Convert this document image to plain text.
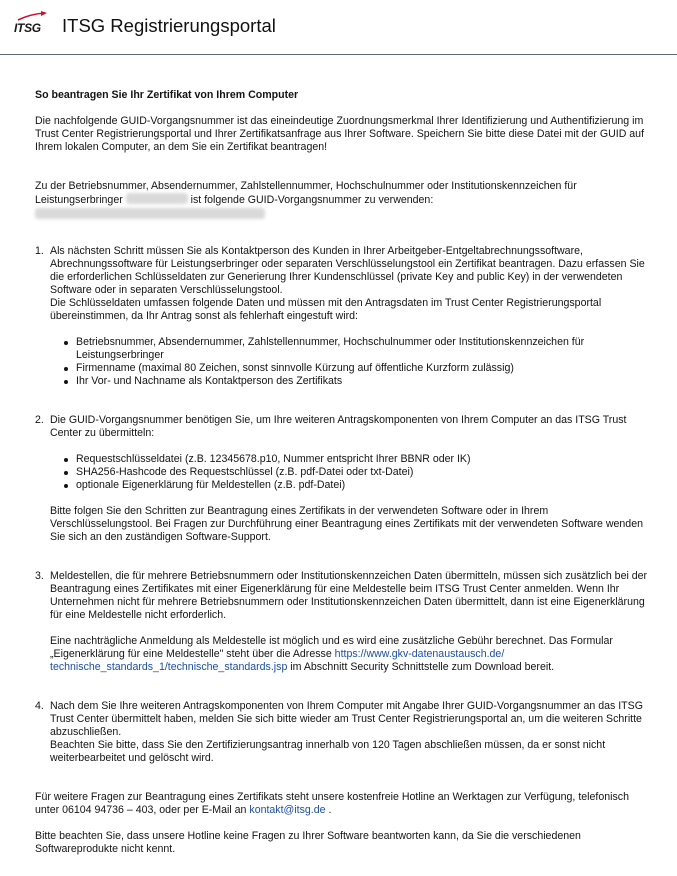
ITSG ITSG Registrierungsportal

So beantragen Sie Ihr Zertifikat von Ihrem Computer

Die nachfolgende GUID-Vorgangsnummer ist das eineindeutige Zuordnungsmerkmal Ihrer Identifizierung und Authentifizierung im Trust Center Registrierungsportal und Ihrer Zertifikatsanfrage aus Ihrer Software. Speichern Sie bitte diese Datei mit der GUID auf Ihrem lokalen Computer, an dem Sie ein Zertifikat beantragen!

Zu der Betriebsnummer, Absendernummer, Zahlstellennummer, Hochschulnummer oder Institutionskennzeichen für Leistungserbringer	ist folgende GUID-Vorgangsnummer zu verwenden:

1. Als nächsten Schritt müssen Sie als Kontaktperson des Kunden in Ihrer Arbeitgeber-Entgeltabrechnungssoftware, Abrechnungssoftware für Leistungserbringer oder separaten Verschlüsselungstool ein Zertifikat beantragen. Dazu erfassen Sie die erforderlichen Schlüsseldaten zur Generierung Ihrer Kundenschlüssel (private Key and public Key) in der verwendeten Software oder in separaten Verschlüsselungstool.

Die Schlüsseldaten umfassen folgende Daten und müssen mit den Antragsdaten im Trust Center Registrierungsportal übereinstimmen, da Ihr Antrag sonst als fehlerhaft eingestuft wird:

Betriebsnummer, Absendernummer, Zahlstellennummer, Hochschulnummer oder Institutionskennzeichen für Leistungserbringer
Firmenname (maximal 80 Zeichen, sonst sinnvolle Kürzung auf öffentliche Kurzform zulässig)
Ihr Vor- und Nachname als Kontaktperson des Zertifikats
2. Die GUID-Vorgangsnummer benötigen Sie, um Ihre weiteren Antragskomponenten von Ihrem Computer an das ITSG Trust Center zu übermitteln:

Requestschlüsseldatei (z.B. 12345678.p10, Nummer entspricht Ihrer BBNR oder IK)
SHA256-Hashcode des Requestschlüssel (z.B. pdf-Datei oder txt-Datei)
optionale Eigenerklärung für Meldestellen (z.B. pdf-Datei)

Bitte folgen Sie den Schritten zur Beantragung eines Zertifikats in der verwendeten Software oder in Ihrem Verschlüsselungstool. Bei Fragen zur Durchführung einer Beantragung eines Zertifikats mit der verwendeten Software wenden Sie sich an den zuständigen Software-Support.

3. Meldestellen, die für mehrere Betriebsnummern oder Institutionskennzeichen Daten übermitteln, müssen sich zusätzlich bei der Beantragung eines Zertifikates mit einer Eigenerklärung für eine Meldestelle beim ITSG Trust Center anmelden. Wenn Ihr Unternehmen nicht für mehrere Betriebsnummern oder Institutionskennzeichen Daten übermittelt, dann ist eine Eigenerklärung für eine Meldestelle nicht erforderlich.

Eine nachträgliche Anmeldung als Meldestelle ist möglich und es wird eine zusätzliche Gebühr berechnet. Das Formular „Eigenerklärung für eine Meldestelle" steht über die Adresse https://www.gkv-datenaustausch.de/ technische_standards_1/technische_standards.jsp im Abschnitt Security Schnittstelle zum Download bereit.

4. Nach dem Sie Ihre weiteren Antragskomponenten von Ihrem Computer mit Angabe Ihrer GUID-Vorgangsnummer an das ITSG Trust Center übermittelt haben, melden Sie sich bitte wieder am Trust Center Registrierungsportal an, um die weiteren Schritte abzuschließen.

Beachten Sie bitte, dass Sie den Zertifizierungsantrag innerhalb von 120 Tagen abschließen müssen, da er sonst nicht weiterbearbeitet und gelöscht wird.

Für weitere Fragen zur Beantragung eines Zertifikats steht unsere kostenfreie Hotline an Werktagen zur Verfügung, telefonisch unter 06104 94736 – 403, oder per E-Mail an kontakt@itsg.de .

Bitte beachten Sie, dass unsere Hotline keine Fragen zu Ihrer Software beantworten kann, da Sie die verschiedenen Softwareprodukte nicht kennt.
